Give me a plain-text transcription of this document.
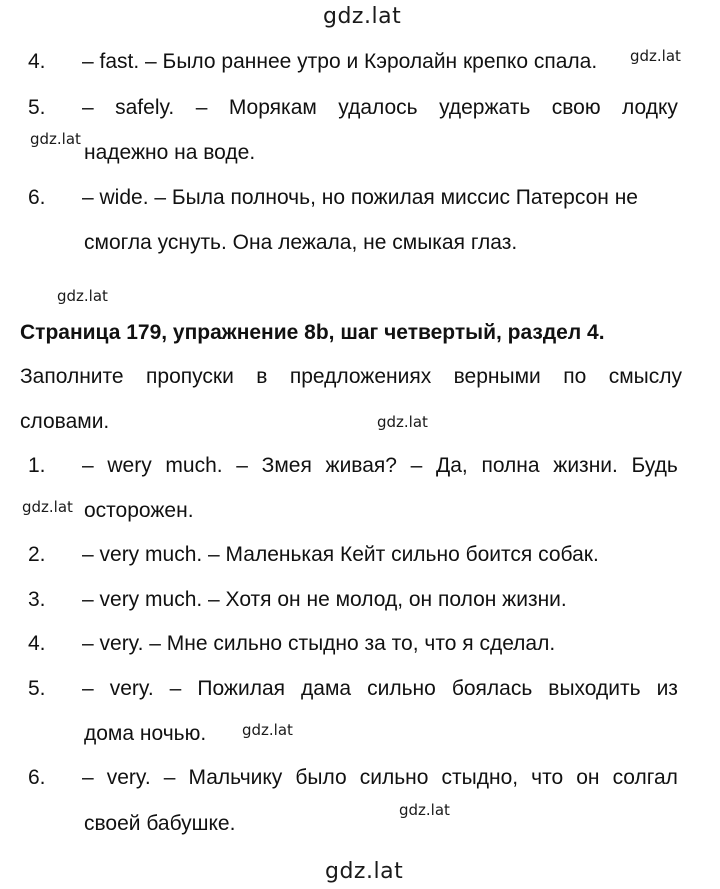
gdz.lat
gdz.lat
gdz.lat
gdz.lat
gdz.lat
gdz.lat
gdz.lat
gdz.lat
gdz.lat
4. – fast. – Было раннее утро и Кэролайн крепко спала.
5. – safely. – Морякам удалось удержать свою лодку
надежно на воде.
6. – wide. – Была полночь, но пожилая миссис Патерсон не
смогла уснуть. Она лежала, не смыкая глаз.
Страница 179, упражнение 8b, шаг четвертый, раздел 4.
Заполните пропуски в предложениях верными по смыслу
словами.
1. – wery much. – Змея живая? – Да, полна жизни. Будь
осторожен.
2. – very much. – Маленькая Кейт сильно боится собак.
3. – very much. – Хотя он не молод, он полон жизни.
4. – very. – Мне сильно стыдно за то, что я сделал.
5. – very. – Пожилая дама сильно боялась выходить из
дома ночью.
6. – very. – Мальчику было сильно стыдно, что он солгал
своей бабушке.
